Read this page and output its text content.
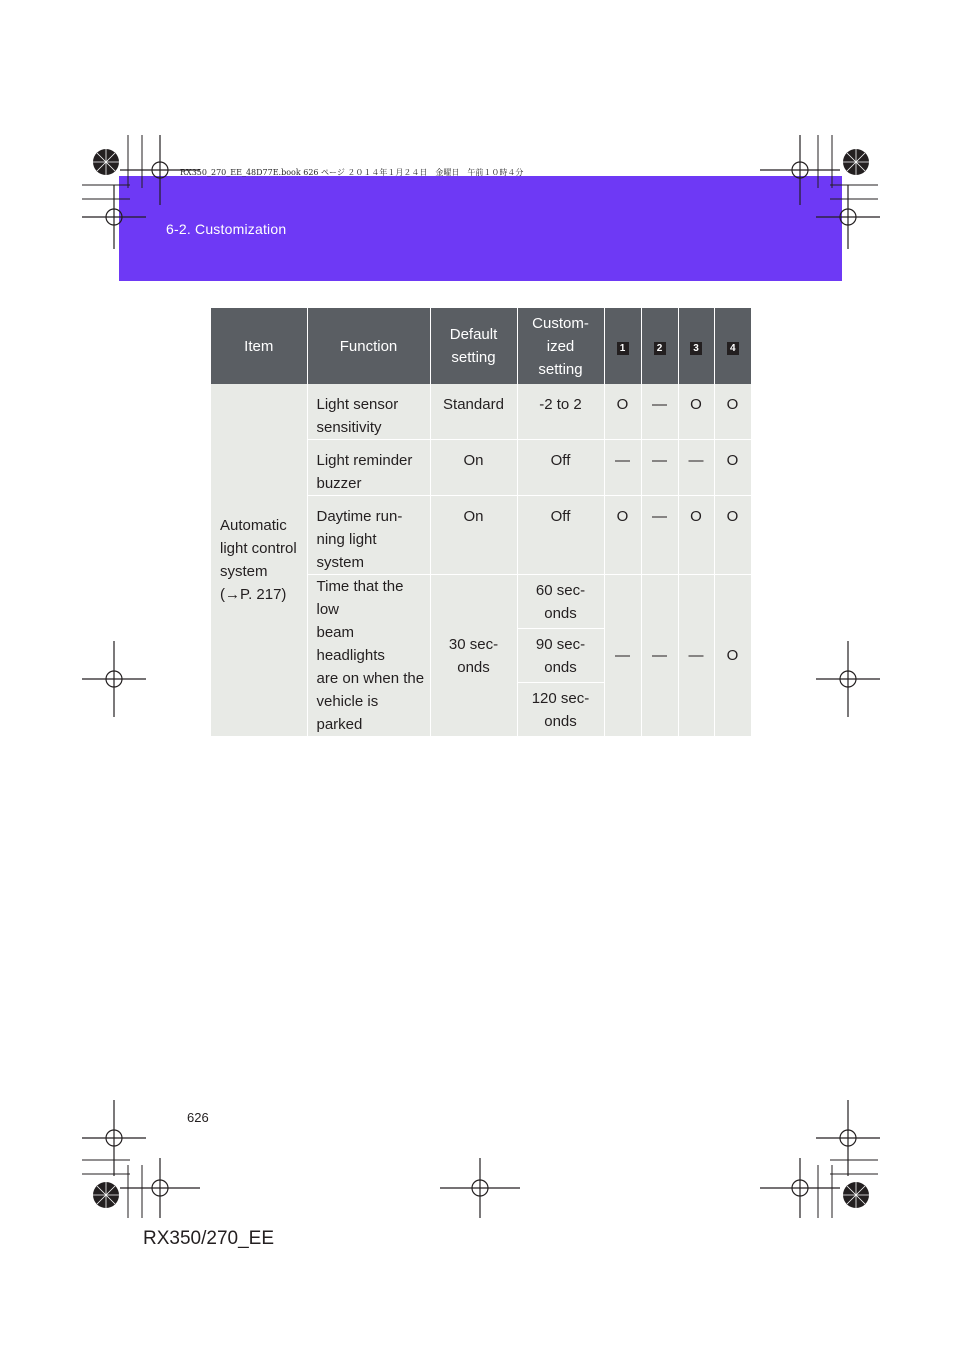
6-2. Customization
RX350_270_EE_48D77E.book 626 ページ ２０１４年１月２４日　金曜日　午前１０時４分
Item	Function	Default
setting	Custom-
ized
setting	1	2	3	4
Automatic
light control
system
(→P. 217)	Light sensor
sensitivity	Standard	-2 to 2	O	—	O	O
	Light reminder
buzzer	On	Off	—	—	—	O
	Daytime run-
ning light system	On	Off	O	—	O	O
	Time that the low
beam headlights
are on when the
vehicle is parked	30 sec-
onds	60 sec-
onds	—	—	—	O
			90 sec-
onds				
			120 sec-
onds				
626
RX350/270_EE
